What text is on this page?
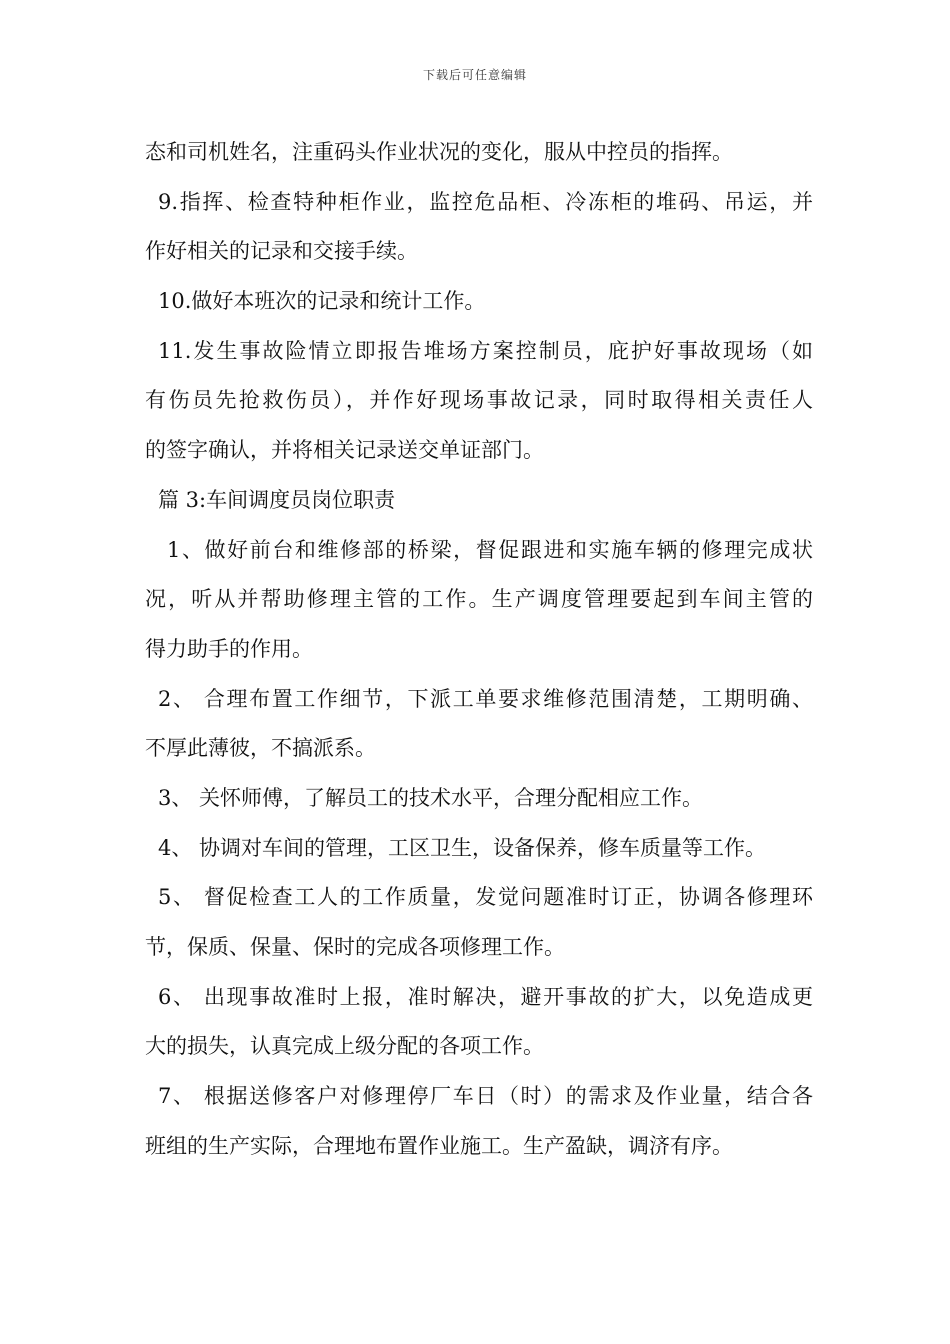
下载后可任意编辑
态和司机姓名，注重码头作业状况的变化，服从中控员的指挥。
9.指挥、检查特种柜作业，监控危品柜、冷冻柜的堆码、吊运，并
作好相关的记录和交接手续。
10.做好本班次的记录和统计工作。
11.发生事故险情立即报告堆场方案控制员，庇护好事故现场（如
有伤员先抢救伤员），并作好现场事故记录，同时取得相关责任人
的签字确认，并将相关记录送交单证部门。
篇 3:车间调度员岗位职责
1、做好前台和维修部的桥梁，督促跟进和实施车辆的修理完成状
况，听从并帮助修理主管的工作。生产调度管理要起到车间主管的
得力助手的作用。
2、 合理布置工作细节，下派工单要求维修范围清楚，工期明确、
不厚此薄彼，不搞派系。
3、 关怀师傅，了解员工的技术水平，合理分配相应工作。
4、 协调对车间的管理，工区卫生，设备保养，修车质量等工作。
5、 督促检查工人的工作质量，发觉问题准时订正，协调各修理环
节，保质、保量、保时的完成各项修理工作。
6、 出现事故准时上报，准时解决，避开事故的扩大，以免造成更
大的损失，认真完成上级分配的各项工作。
7、 根据送修客户对修理停厂车日（时）的需求及作业量，结合各
班组的生产实际，合理地布置作业施工。生产盈缺，调济有序。
